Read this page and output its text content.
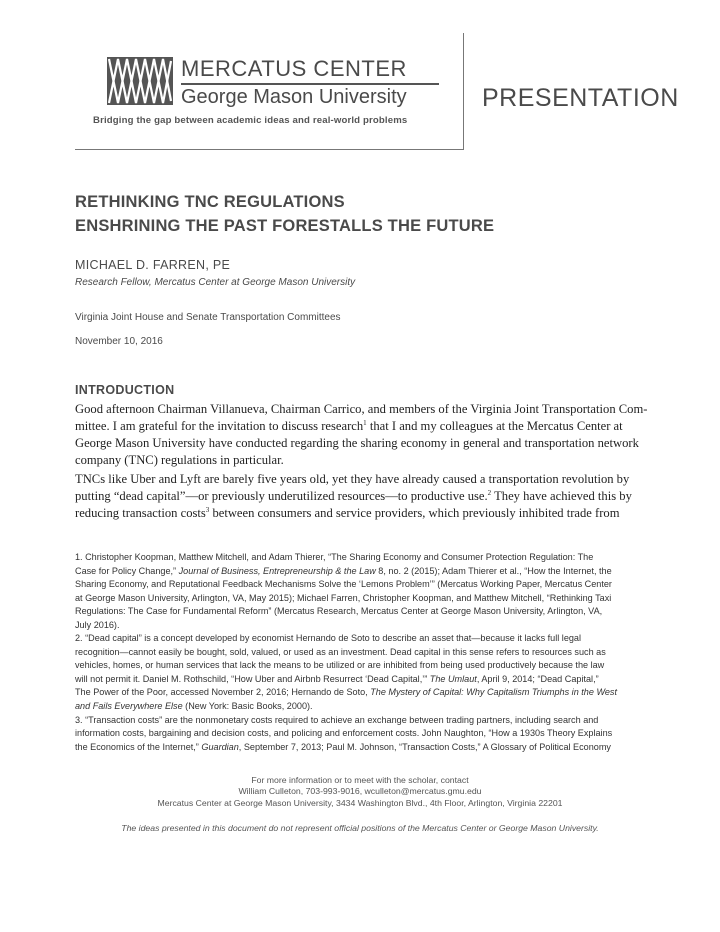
MERCATUS CENTER
George Mason University
Bridging the gap between academic ideas and real-world problems
PRESENTATION
RETHINKING TNC REGULATIONS
ENSHRINING THE PAST FORESTALLS THE FUTURE
MICHAEL D. FARREN, PE
Research Fellow, Mercatus Center at George Mason University
Virginia Joint House and Senate Transportation Committees
November 10, 2016
INTRODUCTION
Good afternoon Chairman Villanueva, Chairman Carrico, and members of the Virginia Joint Transportation Com-
mittee. I am grateful for the invitation to discuss research$^1$ that I and my colleagues at the Mercatus Center at
George Mason University have conducted regarding the sharing economy in general and transportation network
company (TNC) regulations in particular.
TNCs like Uber and Lyft are barely five years old, yet they have already caused a transportation revolution by
putting “dead capital”—or previously underutilized resources—to productive use.$^2$ They have achieved this by
reducing transaction costs$^3$ between consumers and service providers, which previously inhibited trade from
1. Christopher Koopman, Matthew Mitchell, and Adam Thierer, “The Sharing Economy and Consumer Protection Regulation: The
Case for Policy Change,” Journal of Business, Entrepreneurship & the Law 8, no. 2 (2015); Adam Thierer et al., “How the Internet, the
Sharing Economy, and Reputational Feedback Mechanisms Solve the ‘Lemons Problem’” (Mercatus Working Paper, Mercatus Center
at George Mason University, Arlington, VA, May 2015); Michael Farren, Christopher Koopman, and Matthew Mitchell, “Rethinking Taxi
Regulations: The Case for Fundamental Reform” (Mercatus Research, Mercatus Center at George Mason University, Arlington, VA,
July 2016).
2. “Dead capital” is a concept developed by economist Hernando de Soto to describe an asset that—because it lacks full legal
recognition—cannot easily be bought, sold, valued, or used as an investment. Dead capital in this sense refers to resources such as
vehicles, homes, or human services that lack the means to be utilized or are inhibited from being used productively because the law
will not permit it. Daniel M. Rothschild, “How Uber and Airbnb Resurrect ‘Dead Capital,’” The Umlaut, April 9, 2014; “Dead Capital,”
The Power of the Poor, accessed November 2, 2016; Hernando de Soto, The Mystery of Capital: Why Capitalism Triumphs in the West
and Fails Everywhere Else (New York: Basic Books, 2000).
3. “Transaction costs” are the nonmonetary costs required to achieve an exchange between trading partners, including search and
information costs, bargaining and decision costs, and policing and enforcement costs. John Naughton, “How a 1930s Theory Explains
the Economics of the Internet,” Guardian, September 7, 2013; Paul M. Johnson, “Transaction Costs,” A Glossary of Political Economy
For more information or to meet with the scholar, contact
William Culleton, 703-993-9016, wculleton@mercatus.gmu.edu
Mercatus Center at George Mason University, 3434 Washington Blvd., 4th Floor, Arlington, Virginia 22201
The ideas presented in this document do not represent official positions of the Mercatus Center or George Mason University.
